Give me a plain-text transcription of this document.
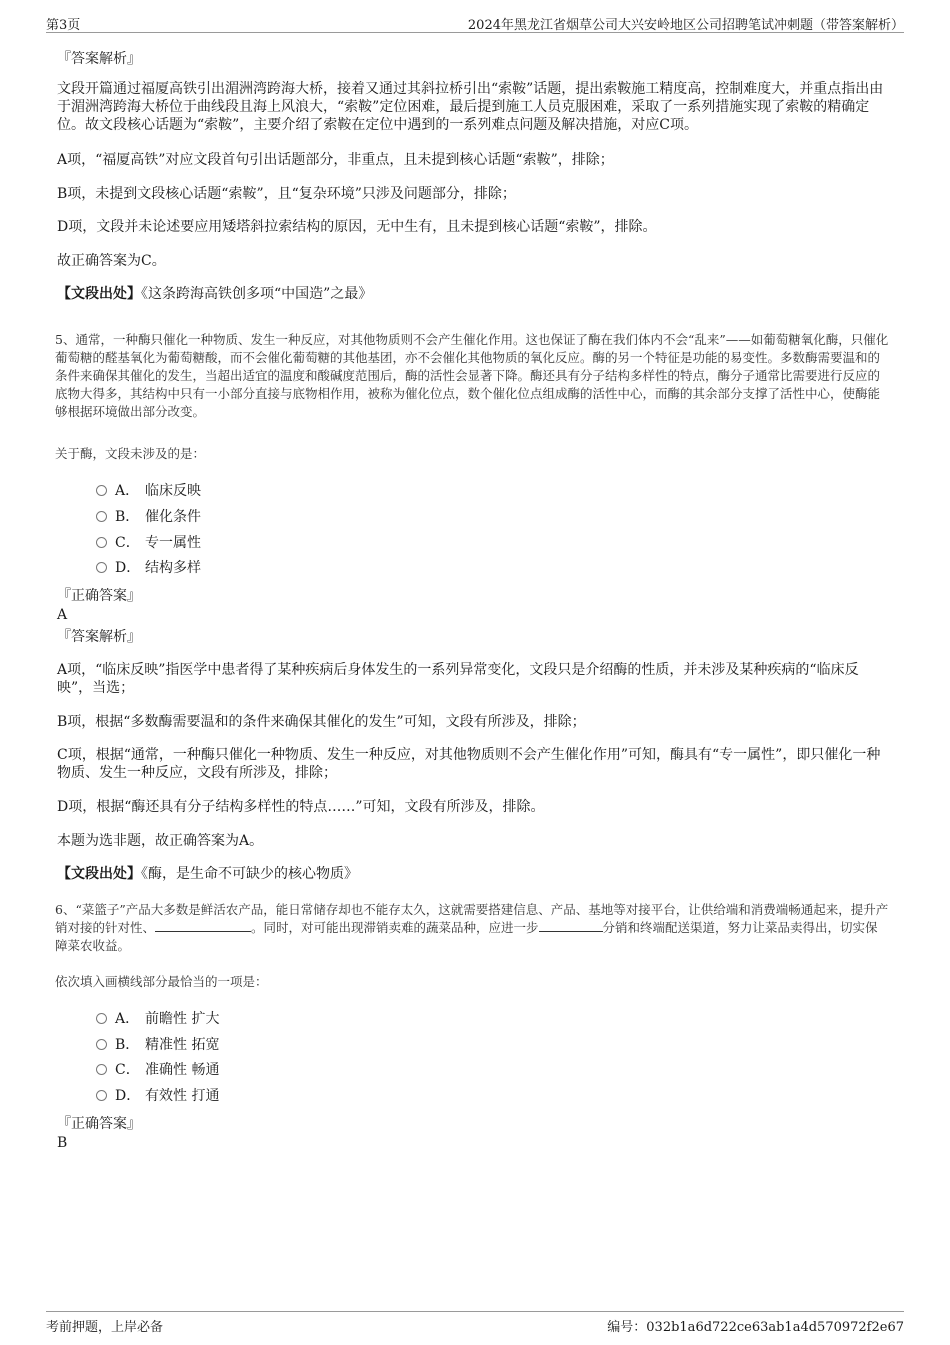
第3页	2024年黑龙江省烟草公司大兴安岭地区公司招聘笔试冲刺题（带答案解析）
『答案解析』
文段开篇通过福厦高铁引出湄洲湾跨海大桥，接着又通过其斜拉桥引出“索鞍”话题，提出索鞍施工精度高，控制难度大，并重点指出由于湄洲湾跨海大桥位于曲线段且海上风浪大，“索鞍”定位困难，最后提到施工人员克服困难，采取了一系列措施实现了索鞍的精确定位。故文段核心话题为“索鞍”，主要介绍了索鞍在定位中遇到的一系列难点问题及解决措施，对应C项。
A项，“福厦高铁”对应文段首句引出话题部分，非重点，且未提到核心话题“索鞍”，排除；
B项，未提到文段核心话题“索鞍”，且“复杂环境”只涉及问题部分，排除；
D项，文段并未论述要应用矮塔斜拉索结构的原因，无中生有，且未提到核心话题“索鞍”，排除。
故正确答案为C。
【文段出处】《这条跨海高铁创多项“中国造”之最》
5、通常，一种酶只催化一种物质、发生一种反应，对其他物质则不会产生催化作用。这也保证了酶在我们体内不会“乱来”——如葡萄糖氧化酶，只催化葡萄糖的醛基氧化为葡萄糖酸，而不会催化葡萄糖的其他基团，亦不会催化其他物质的氧化反应。酶的另一个特征是功能的易变性。多数酶需要温和的条件来确保其催化的发生，当超出适宜的温度和酸碱度范围后，酶的活性会显著下降。酶还具有分子结构多样性的特点，酶分子通常比需要进行反应的底物大得多，其结构中只有一小部分直接与底物相作用，被称为催化位点，数个催化位点组成酶的活性中心，而酶的其余部分支撑了活性中心，使酶能够根据环境做出部分改变。
关于酶，文段未涉及的是：
A． 临床反映
B． 催化条件
C． 专一属性
D． 结构多样
『正确答案』
A
『答案解析』
A项，“临床反映”指医学中患者得了某种疾病后身体发生的一系列异常变化，文段只是介绍酶的性质，并未涉及某种疾病的“临床反映”，当选；
B项，根据“多数酶需要温和的条件来确保其催化的发生”可知，文段有所涉及，排除；
C项，根据“通常，一种酶只催化一种物质、发生一种反应，对其他物质则不会产生催化作用”可知，酶具有“专一属性”，即只催化一种物质、发生一种反应，文段有所涉及，排除；
D项，根据“酶还具有分子结构多样性的特点……”可知，文段有所涉及，排除。
本题为选非题，故正确答案为A。
【文段出处】《酶，是生命不可缺少的核心物质》
6、“菜篮子”产品大多数是鲜活农产品，能日常储存却也不能存太久，这就需要搭建信息、产品、基地等对接平台，让供给端和消费端畅通起来，提升产销对接的针对性、	。同时，对可能出现滞销卖难的蔬菜品种，应进一步	分销和终端配送渠道，努力让菜品卖得出，切实保障菜农收益。
依次填入画横线部分最恰当的一项是：
A． 前瞻性 扩大
B． 精准性 拓宽
C． 准确性 畅通
D． 有效性 打通
『正确答案』
B
考前押题，上岸必备	编号：032b1a6d722ce63ab1a4d570972f2e67
